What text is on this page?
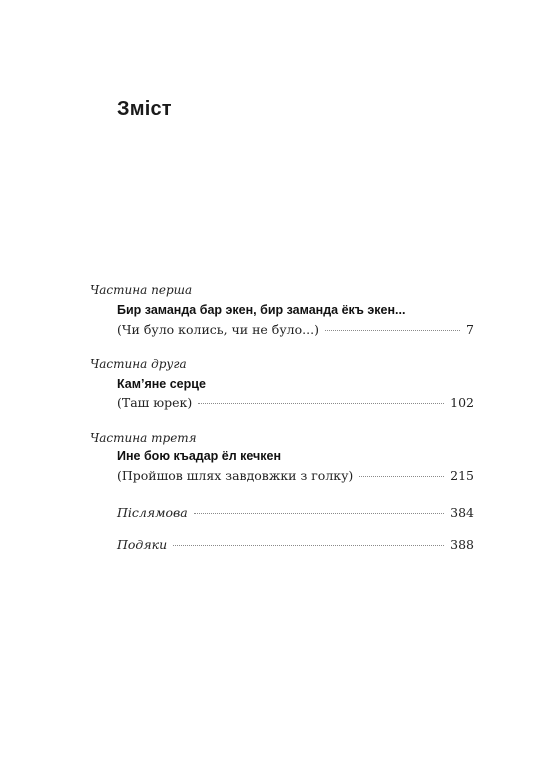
Зміст
Частина перша
Бир заманда бар экен, бир заманда ёкъ экен...
(Чи було колись, чи не було...)	7
Частина друга
Кам’яне серце
(Таш юрек)	102
Частина третя
Ине бою къадар ёл кечкен
(Пройшов шлях завдовжки з голку)	215
Післямова	384
Подяки	388
